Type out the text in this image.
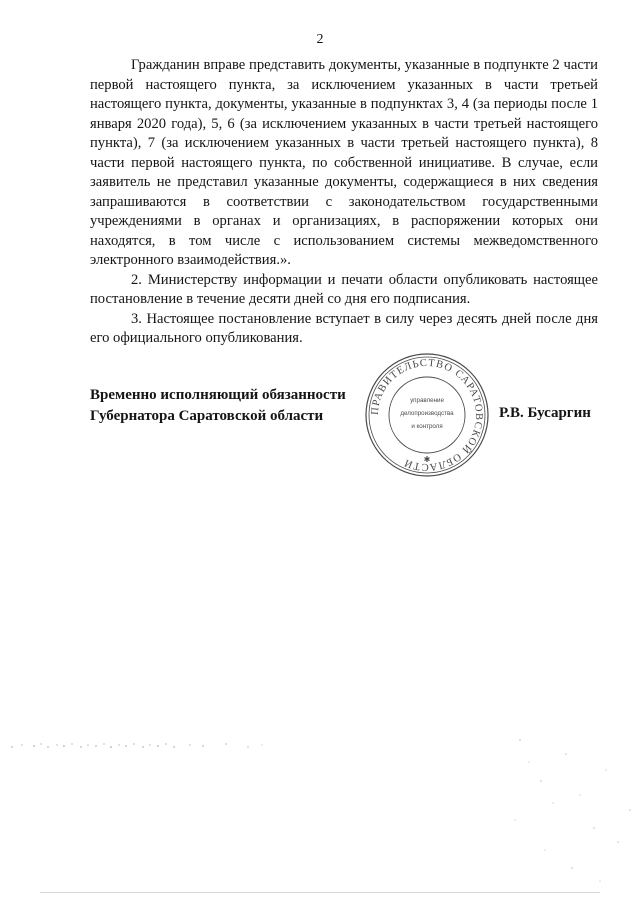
2

Гражданин вправе представить документы, указанные в подпункте 2 части первой настоящего пункта, за исключением указанных в части третьей настоящего пункта, документы, указанные в подпунктах 3, 4 (за периоды после 1 января 2020 года), 5, 6 (за исключением указанных в части третьей настоящего пункта), 7 (за исключением указанных в части третьей настоящего пункта), 8 части первой настоящего пункта, по собственной инициативе. В случае, если заявитель не представил указанные документы, содержащиеся в них сведения запрашиваются в соответствии с законодательством государственными учреждениями в органах и организациях, в распоряжении которых они находятся, в том числе с использованием системы межведомственного электронного взаимодействия.».

2. Министерству информации и печати области опубликовать настоящее постановление в течение десяти дней со дня его подписания.

3. Настоящее постановление вступает в силу через десять дней после дня его официального опубликования.

Временно исполняющий обязанности
Губернатора Саратовской области	ПРАВИТЕЛЬСТВО САРАТОВСКОЙ ОБЛАСТИ
управление
делопроизводства
и контроля
✱
Р.В. Бусаргин
